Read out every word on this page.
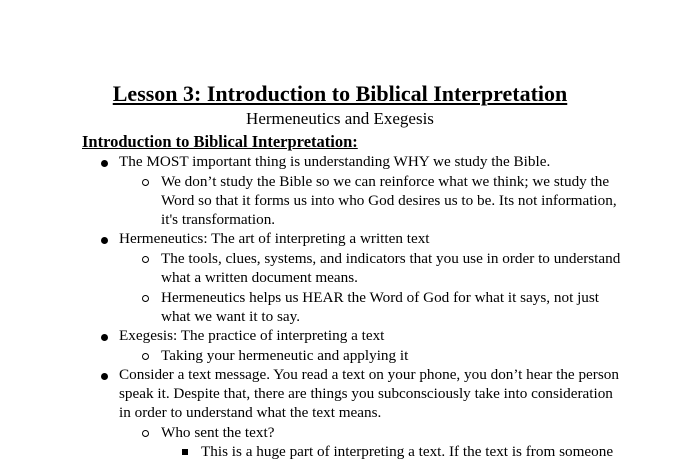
Lesson 3: Introduction to Biblical Interpretation
Hermeneutics and Exegesis
Introduction to Biblical Interpretation:
The MOST important thing is understanding WHY we study the Bible.
We don’t study the Bible so we can reinforce what we think; we study the
Word so that it forms us into who God desires us to be. Its not information,
it's transformation.
Hermeneutics: The art of interpreting a written text
The tools, clues, systems, and indicators that you use in order to understand
what a written document means.
Hermeneutics helps us HEAR the Word of God for what it says, not just
what we want it to say.
Exegesis: The practice of interpreting a text
Taking your hermeneutic and applying it
Consider a text message. You read a text on your phone, you don’t hear the person
speak it. Despite that, there are things you subconsciously take into consideration
in order to understand what the text means.
Who sent the text?
This is a huge part of interpreting a text. If the text is from someone
